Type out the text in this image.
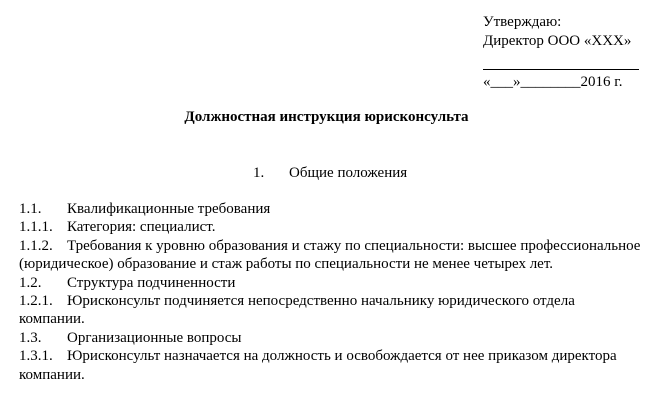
Утверждаю:
Директор ООО «ХХХ»
«___»________2016 г.
Должностная инструкция юрисконсульта
1. Общие положения
1.1. Квалификационные требования
1.1.1. Категория: специалист.
1.1.2. Требования к уровню образования и стажу по специальности: высшее профессиональное (юридическое) образование и стаж работы по специальности не менее четырех лет.
1.2. Структура подчиненности
1.2.1. Юрисконсульт подчиняется непосредственно начальнику юридического отдела компании.
1.3. Организационные вопросы
1.3.1. Юрисконсульт назначается на должность и освобождается от нее приказом директора компании.
